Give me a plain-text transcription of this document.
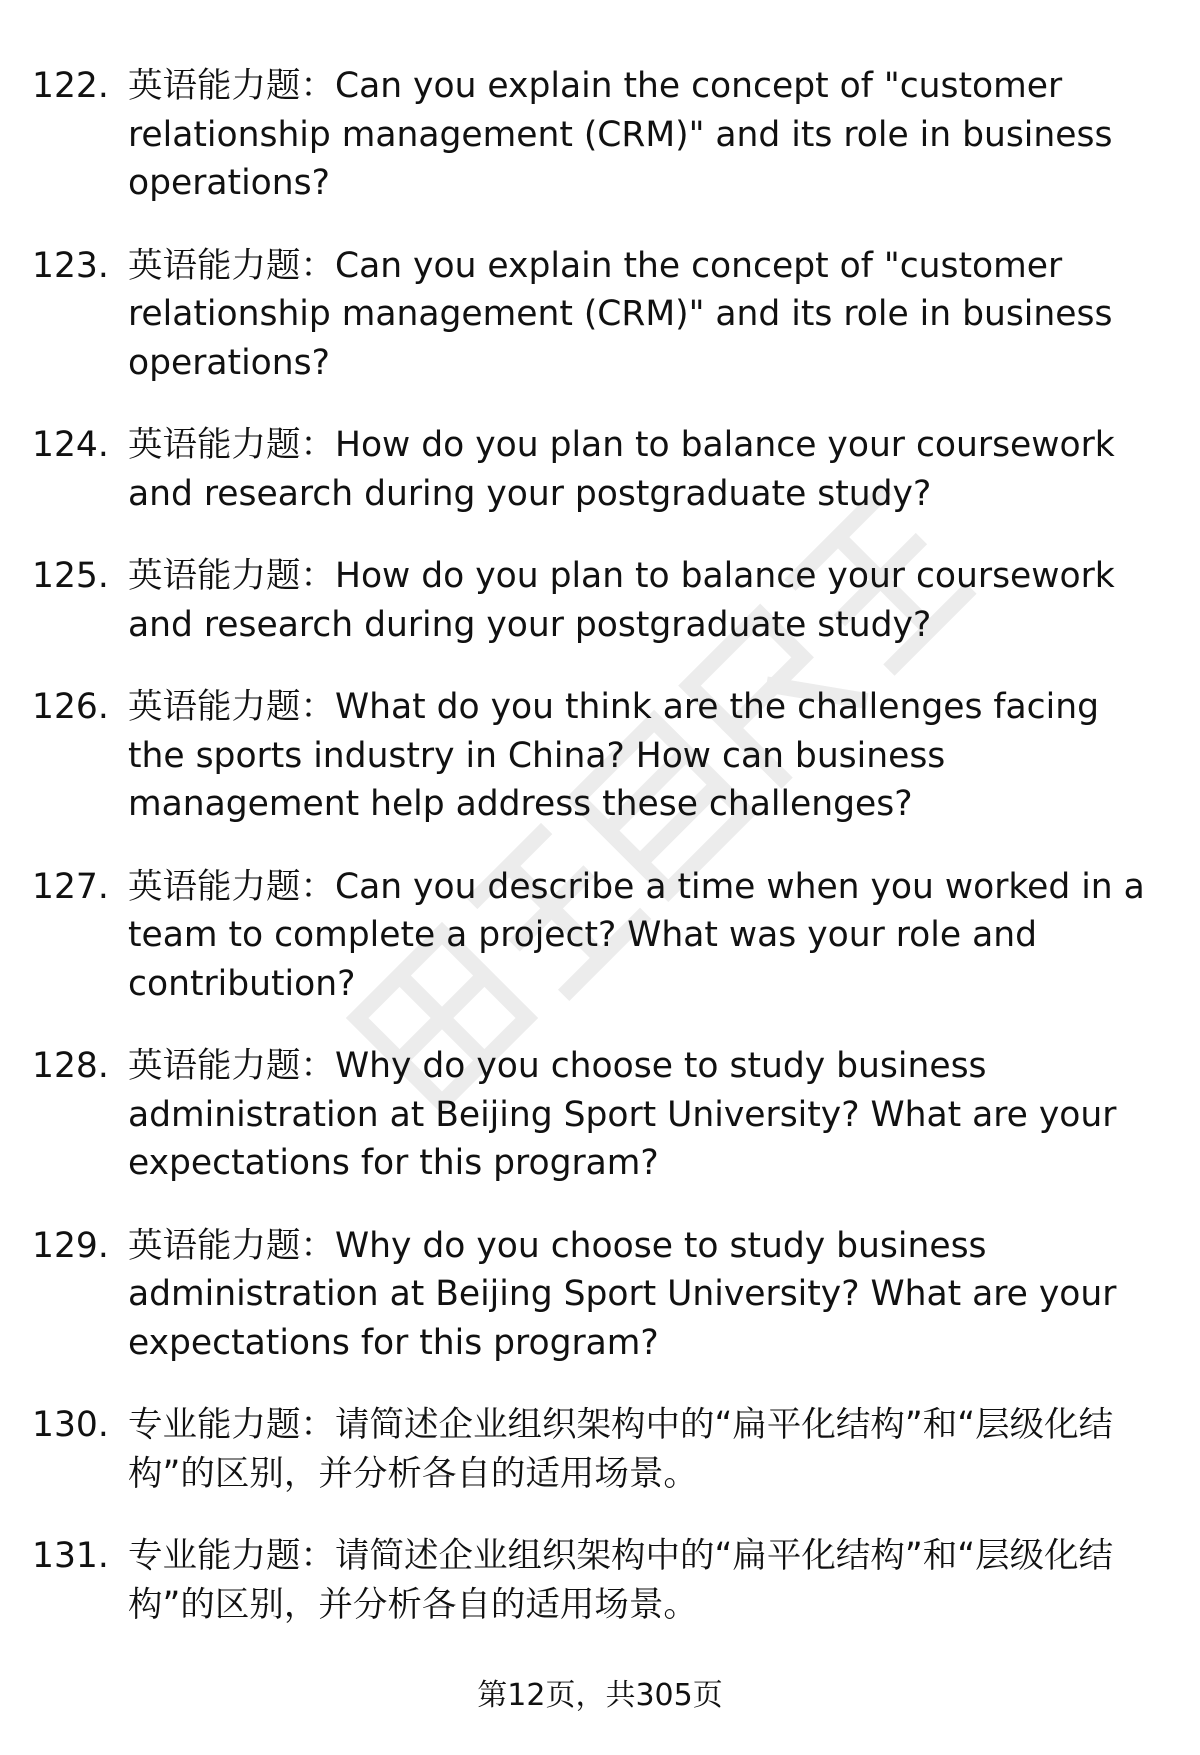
122. 英语能力题：Can you explain the concept of "customer relationship management (CRM)" and its role in business operations?
123. 英语能力题：Can you explain the concept of "customer relationship management (CRM)" and its role in business operations?
124. 英语能力题：How do you plan to balance your coursework and research during your postgraduate study?
125. 英语能力题：How do you plan to balance your coursework and research during your postgraduate study?
126. 英语能力题：What do you think are the challenges facing the sports industry in China? How can business management help address these challenges?
127. 英语能力题：Can you describe a time when you worked in a team to complete a project? What was your role and contribution?
128. 英语能力题：Why do you choose to study business administration at Beijing Sport University? What are your expectations for this program?
129. 英语能力题：Why do you choose to study business administration at Beijing Sport University? What are your expectations for this program?
130. 专业能力题：请简述企业组织架构中的“扁平化结构”和“层级化结构”的区别，并分析各自的适用场景。
131. 专业能力题：请简述企业组织架构中的“扁平化结构”和“层级化结构”的区别，并分析各自的适用场景。
第12页，共305页
